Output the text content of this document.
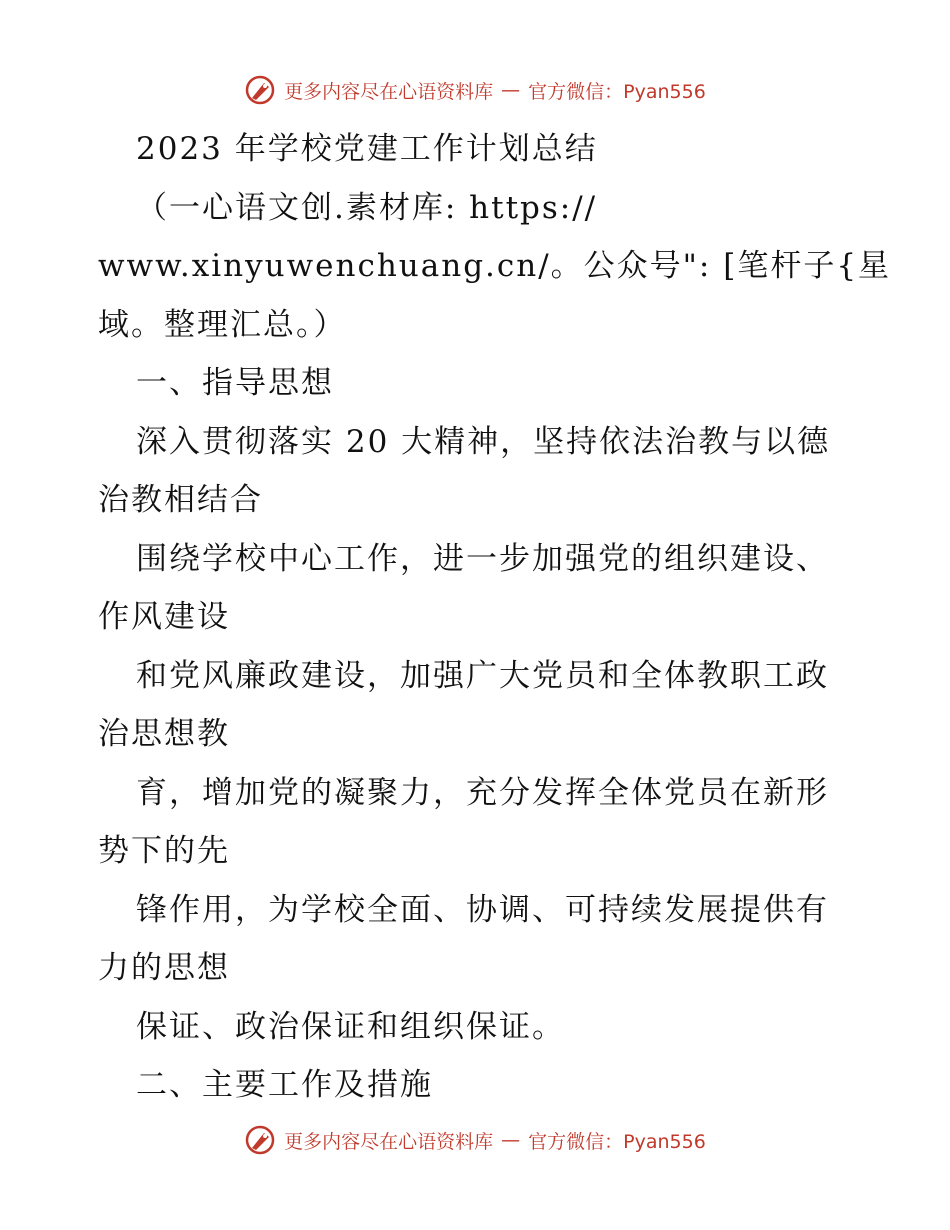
更多内容尽在心语资料库 — 官方微信：Pyan556
2023 年学校党建工作计划总结
（一心语文创.素材库: https://
www.xinyuwenchuang.cn/。公众号": [笔杆子{星
域。整理汇总。）
一、指导思想
深入贯彻落实 20 大精神，坚持依法治教与以德
治教相结合
围绕学校中心工作，进一步加强党的组织建设、
作风建设
和党风廉政建设，加强广大党员和全体教职工政
治思想教
育，增加党的凝聚力，充分发挥全体党员在新形
势下的先
锋作用，为学校全面、协调、可持续发展提供有
力的思想
保证、政治保证和组织保证。
二、主要工作及措施
更多内容尽在心语资料库 — 官方微信：Pyan556
